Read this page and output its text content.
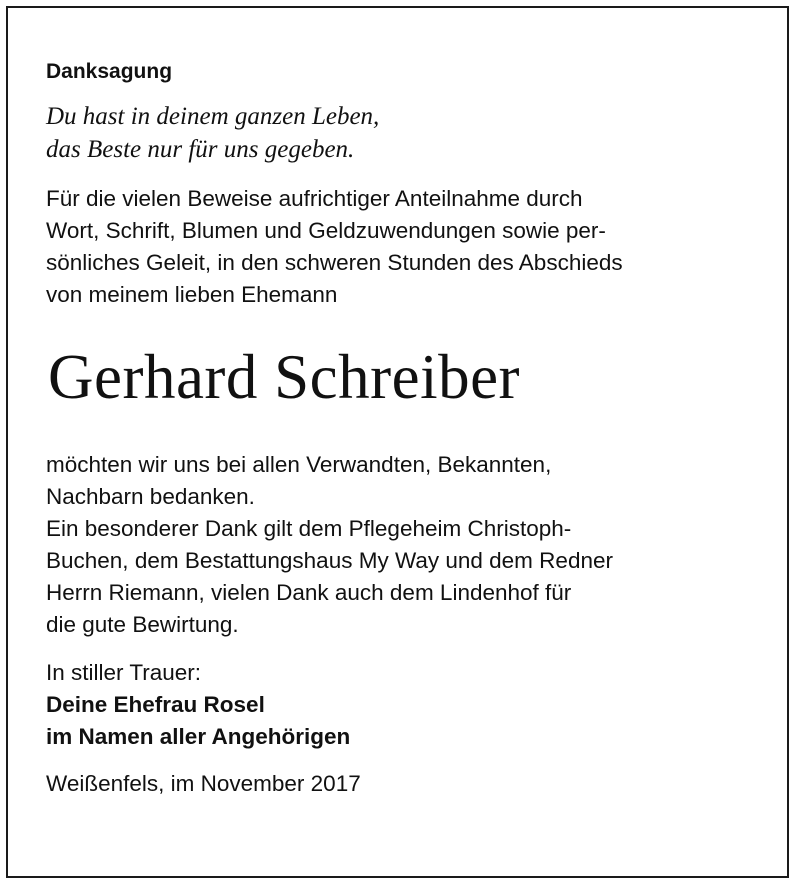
Danksagung
Du hast in deinem ganzen Leben,
das Beste nur für uns gegeben.
Für die vielen Beweise aufrichtiger Anteilnahme durch
Wort, Schrift, Blumen und Geldzuwendungen sowie per-
sönliches Geleit, in den schweren Stunden des Abschieds
von meinem lieben Ehemann
Gerhard Schreiber
möchten wir uns bei allen Verwandten, Bekannten,
Nachbarn bedanken.
Ein besonderer Dank gilt dem Pflegeheim Christoph-
Buchen, dem Bestattungshaus My Way und dem Redner
Herrn Riemann, vielen Dank auch dem Lindenhof für
die gute Bewirtung.
In stiller Trauer:
Deine Ehefrau Rosel
im Namen aller Angehörigen
Weißenfels, im November 2017
